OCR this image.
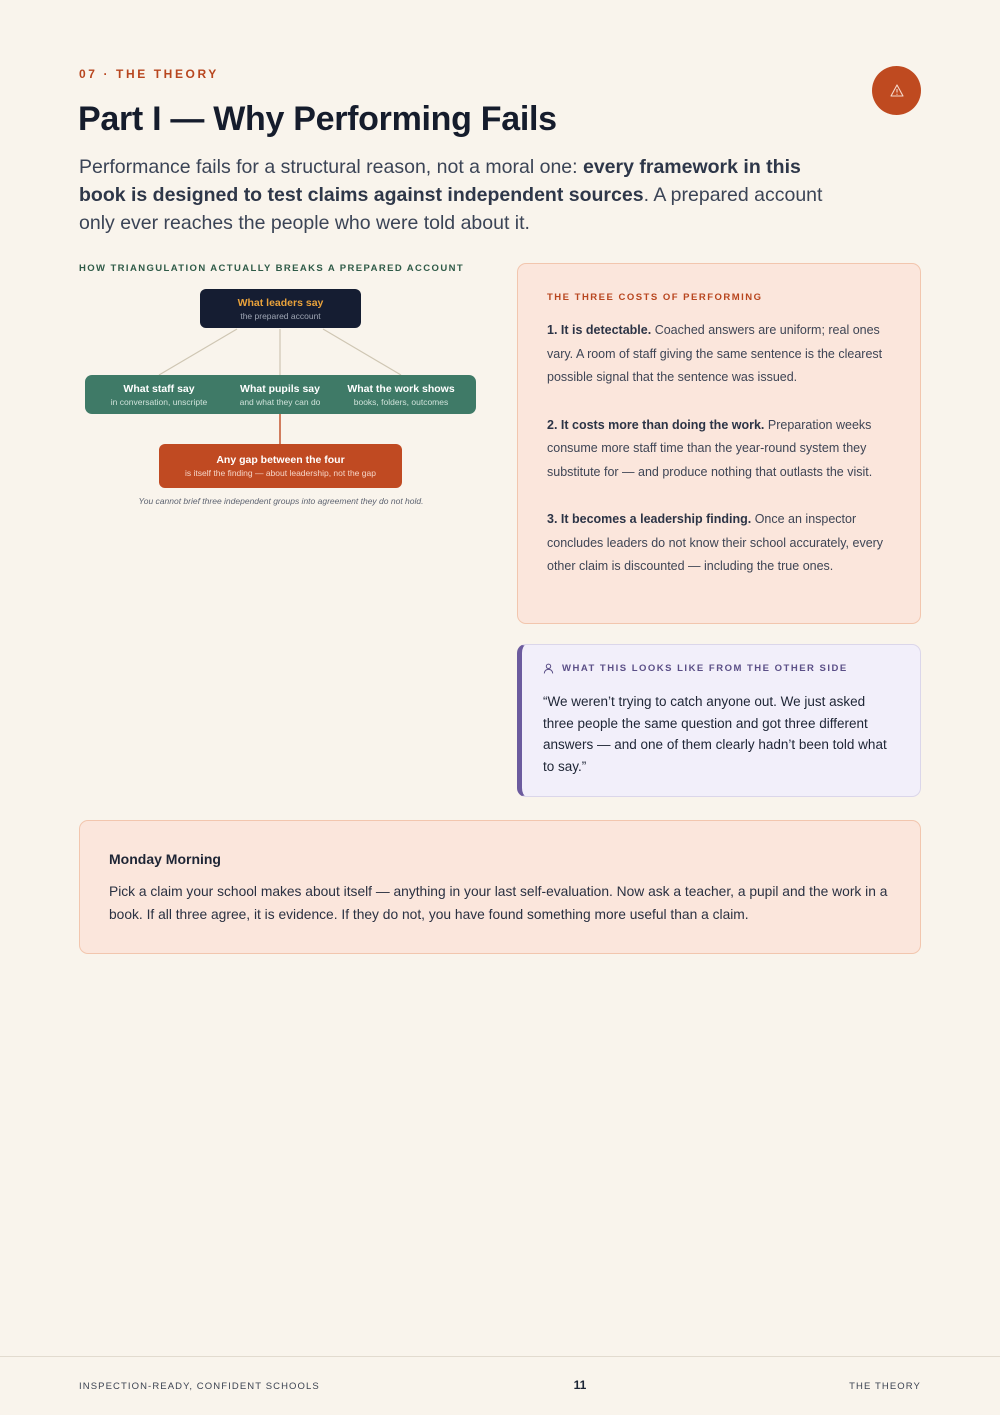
07 · THE THEORY
Part I — Why Performing Fails

Performance fails for a structural reason, not a moral one: every framework in this book is designed to test claims against independent sources. A prepared account only ever reaches the people who were told about it.

HOW TRIANGULATION ACTUALLY BREAKS A PREPARED ACCOUNT
What leaders say
the prepared account
What staff say
in conversation, unscripte
What pupils say
and what they can do
What the work shows
books, folders, outcomes
Any gap between the four
is itself the finding — about leadership, not the gap
You cannot brief three independent groups into agreement they do not hold.
THE THREE COSTS OF PERFORMING
1. It is detectable. Coached answers are uniform; real ones vary. A room of staff giving the same sentence is the clearest possible signal that the sentence was issued.
2. It costs more than doing the work. Preparation weeks consume more staff time than the year-round system they substitute for — and produce nothing that outlasts the visit.
3. It becomes a leadership finding. Once an inspector concludes leaders do not know their school accurately, every other claim is discounted — including the true ones.
WHAT THIS LOOKS LIKE FROM THE OTHER SIDE
“We weren’t trying to catch anyone out. We just asked three people the same question and got three different answers — and one of them clearly hadn’t been told what to say.”
Monday Morning
Pick a claim your school makes about itself — anything in your last self-evaluation. Now ask a teacher, a pupil and the work in a book. If all three agree, it is evidence. If they do not, you have found something more useful than a claim.
INSPECTION-READY, CONFIDENT SCHOOLS	11	THE THEORY
